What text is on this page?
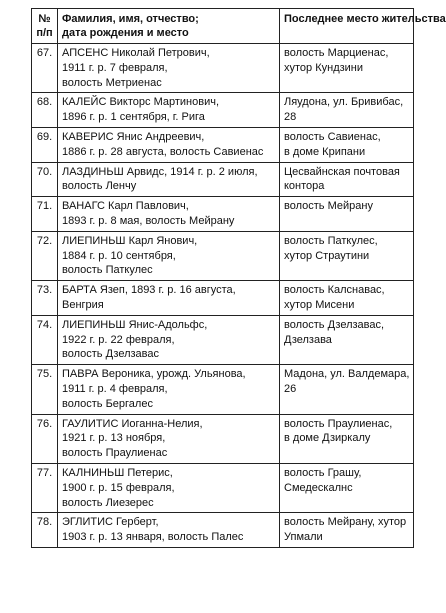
№
п/п	Фамилия, имя, отчество;
дата рождения и место	Последнее место жительства

67.	АПСЕНС Николай Петрович,
1911 г. р. 7 февраля,
волость Метриенас	волость Марциенас,
хутор Кундзини

68.	КАЛЕЙС Викторс Мартинович,
1896 г. р. 1 сентября, г. Рига	Ляудона, ул. Бривибас, 28

69.	КАВЕРИС Янис Андреевич,
1886 г. р. 28 августа, волость Савиенас	волость Савиенас,
в доме Крипани

70.	ЛАЗДИНЬШ Арвидс, 1914 г. р. 2 июля,
волость Ленчу	Цесвайнская почтовая контора

71.	ВАНАГС Карл Павлович,
1893 г. р. 8 мая, волость Мейрану	волость Мейрану

72.	ЛИЕПИНЬШ Карл Янович,
1884 г. р. 10 сентября,
волость Паткулес	волость Паткулес,
хутор Страутини

73.	БАРТА Язеп, 1893 г. р. 16 августа,
Венгрия	волость Калснавас, хутор Мисени

74.	ЛИЕПИНЬШ Янис-Адольфс,
1922 г. р. 22 февраля,
волость Дзелзавас	волость Дзелзавас, Дзелзава

75.	ПАВРА Вероника, урожд. Ульянова,
1911 г. р. 4 февраля,
волость Бергалес	Мадона, ул. Валдемара, 26

76.	ГАУЛИТИС Иоганна-Нелия,
1921 г. р. 13 ноября,
волость Праулиенас	волость Праулиенас,
в доме Дзиркалу

77.	КАЛНИНЬШ Петерис,
1900 г. р. 15 февраля,
волость Лиезерес	волость Грашу, Смедескалнс

78.	ЭГЛИТИС Герберт,
1903 г. р. 13 января, волость Палес	волость Мейрану, хутор Упмали
